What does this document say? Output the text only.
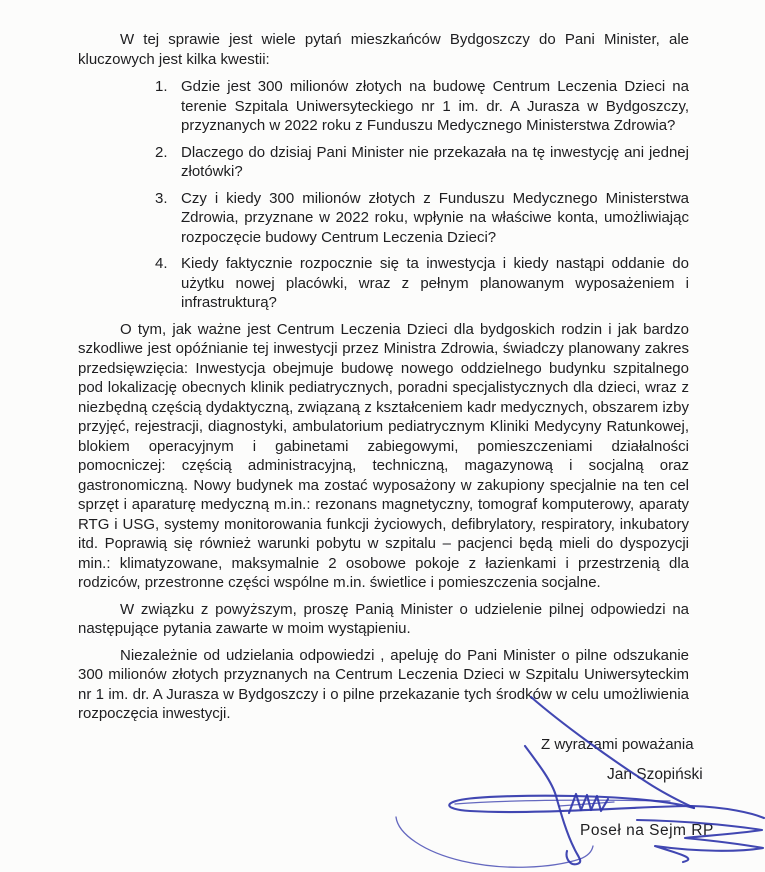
W tej sprawie jest wiele pytań mieszkańców Bydgoszczy do Pani Minister, ale kluczowych jest kilka kwestii:

1. Gdzie jest 300 milionów złotych na budowę Centrum Leczenia Dzieci na terenie Szpitala Uniwersyteckiego nr 1 im. dr. A Jurasza w Bydgoszczy, przyznanych w 2022 roku z Funduszu Medycznego Ministerstwa Zdrowia?
2. Dlaczego do dzisiaj Pani Minister nie przekazała na tę inwestycję ani jednej złotówki?
3. Czy i kiedy 300 milionów złotych z Funduszu Medycznego Ministerstwa Zdrowia, przyznane w 2022 roku, wpłynie na właściwe konta, umożliwiając rozpoczęcie budowy Centrum Leczenia Dzieci?
4. Kiedy faktycznie rozpocznie się ta inwestycja i kiedy nastąpi oddanie do użytku nowej placówki, wraz z pełnym planowanym wyposażeniem i infrastrukturą?

O tym, jak ważne jest Centrum Leczenia Dzieci dla bydgoskich rodzin i jak bardzo szkodliwe jest opóźnianie tej inwestycji przez Ministra Zdrowia, świadczy planowany zakres przedsięwzięcia: Inwestycja obejmuje budowę nowego oddzielnego budynku szpitalnego pod lokalizację obecnych klinik pediatrycznych, poradni specjalistycznych dla dzieci, wraz z niezbędną częścią dydaktyczną, związaną z kształceniem kadr medycznych, obszarem izby przyjęć, rejestracji, diagnostyki, ambulatorium pediatrycznym Kliniki Medycyny Ratunkowej, blokiem operacyjnym i gabinetami zabiegowymi, pomieszczeniami działalności pomocniczej: częścią administracyjną, techniczną, magazynową i socjalną oraz gastronomiczną. Nowy budynek ma zostać wyposażony w zakupiony specjalnie na ten cel sprzęt i aparaturę medyczną m.in.: rezonans magnetyczny, tomograf komputerowy, aparaty RTG i USG, systemy monitorowania funkcji życiowych, defibrylatory, respiratory, inkubatory itd. Poprawią się również warunki pobytu w szpitalu – pacjenci będą mieli do dyspozycji min.: klimatyzowane, maksymalnie 2 osobowe pokoje z łazienkami i przestrzenią dla rodziców, przestronne części wspólne m.in. świetlice i pomieszczenia socjalne.

W związku z powyższym, proszę Panią Minister o udzielenie pilnej odpowiedzi na następujące pytania zawarte w moim wystąpieniu.

Niezależnie od udzielania odpowiedzi , apeluję do Pani Minister o pilne odszukanie 300 milionów złotych przyznanych na Centrum Leczenia Dzieci w Szpitalu Uniwersyteckim nr 1 im. dr. A Jurasza w Bydgoszczy i o pilne przekazanie tych środków w celu umożliwienia rozpoczęcia inwestycji.

Z wyrazami poważania
Jan Szopiński
Poseł na Sejm RP
